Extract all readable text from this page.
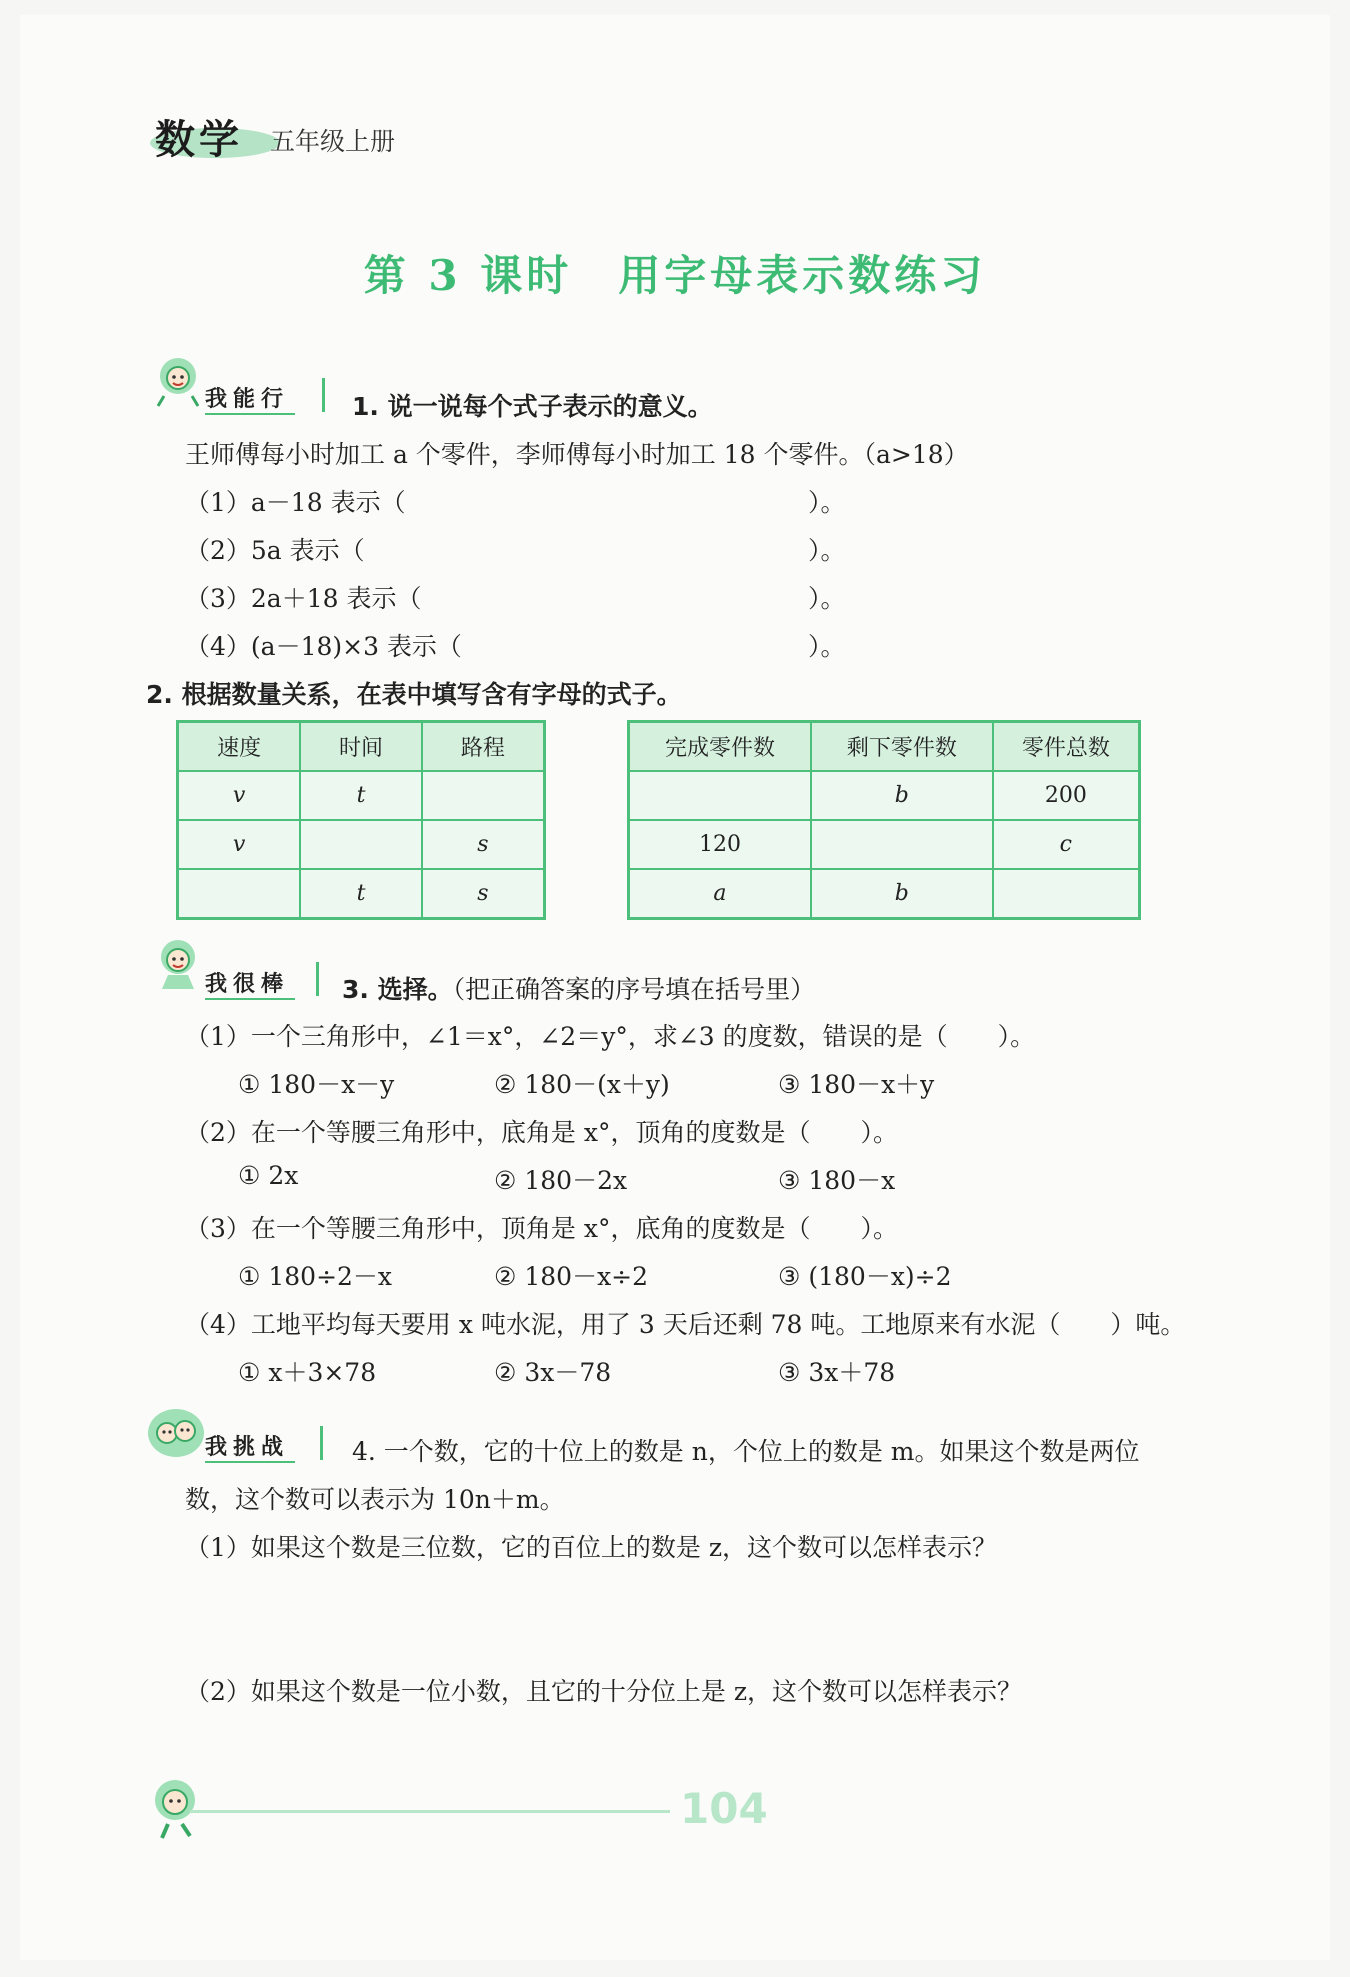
数学 五年级上册
第 3 课时　用字母表示数练习
我能行	1. 说一说每个式子表示的意义。
王师傅每小时加工 a 个零件，李师傅每小时加工 18 个零件。（a>18）
（1）a－18 表示（	）。
（2）5a 表示（	）。
（3）2a＋18 表示（	）。
（4）(a－18)×3 表示（	）。
2. 根据数量关系，在表中填写含有字母的式子。
速度	时间	路程
v	t	
v		s
	t	s
完成零件数	剩下零件数	零件总数
	b	200
120		c
a	b	
我很棒 3. 选择。（把正确答案的序号填在括号里）
（1）一个三角形中，∠1＝x°，∠2＝y°，求∠3 的度数，错误的是（　　）。
① 180－x－y	② 180－(x＋y)	③ 180－x＋y
（2）在一个等腰三角形中，底角是 x°，顶角的度数是（　　）。
① 2x	② 180－2x	③ 180－x
（3）在一个等腰三角形中，顶角是 x°，底角的度数是（　　）。
① 180÷2－x	② 180－x÷2	③ (180－x)÷2
（4）工地平均每天要用 x 吨水泥，用了 3 天后还剩 78 吨。工地原来有水泥（　　）吨。
① x＋3×78	② 3x－78	③ 3x＋78
我挑战	4. 一个数，它的十位上的数是 n，个位上的数是 m。如果这个数是两位
数，这个数可以表示为 10n＋m。
（1）如果这个数是三位数，它的百位上的数是 z，这个数可以怎样表示？
（2）如果这个数是一位小数，且它的十分位上是 z，这个数可以怎样表示？
104
